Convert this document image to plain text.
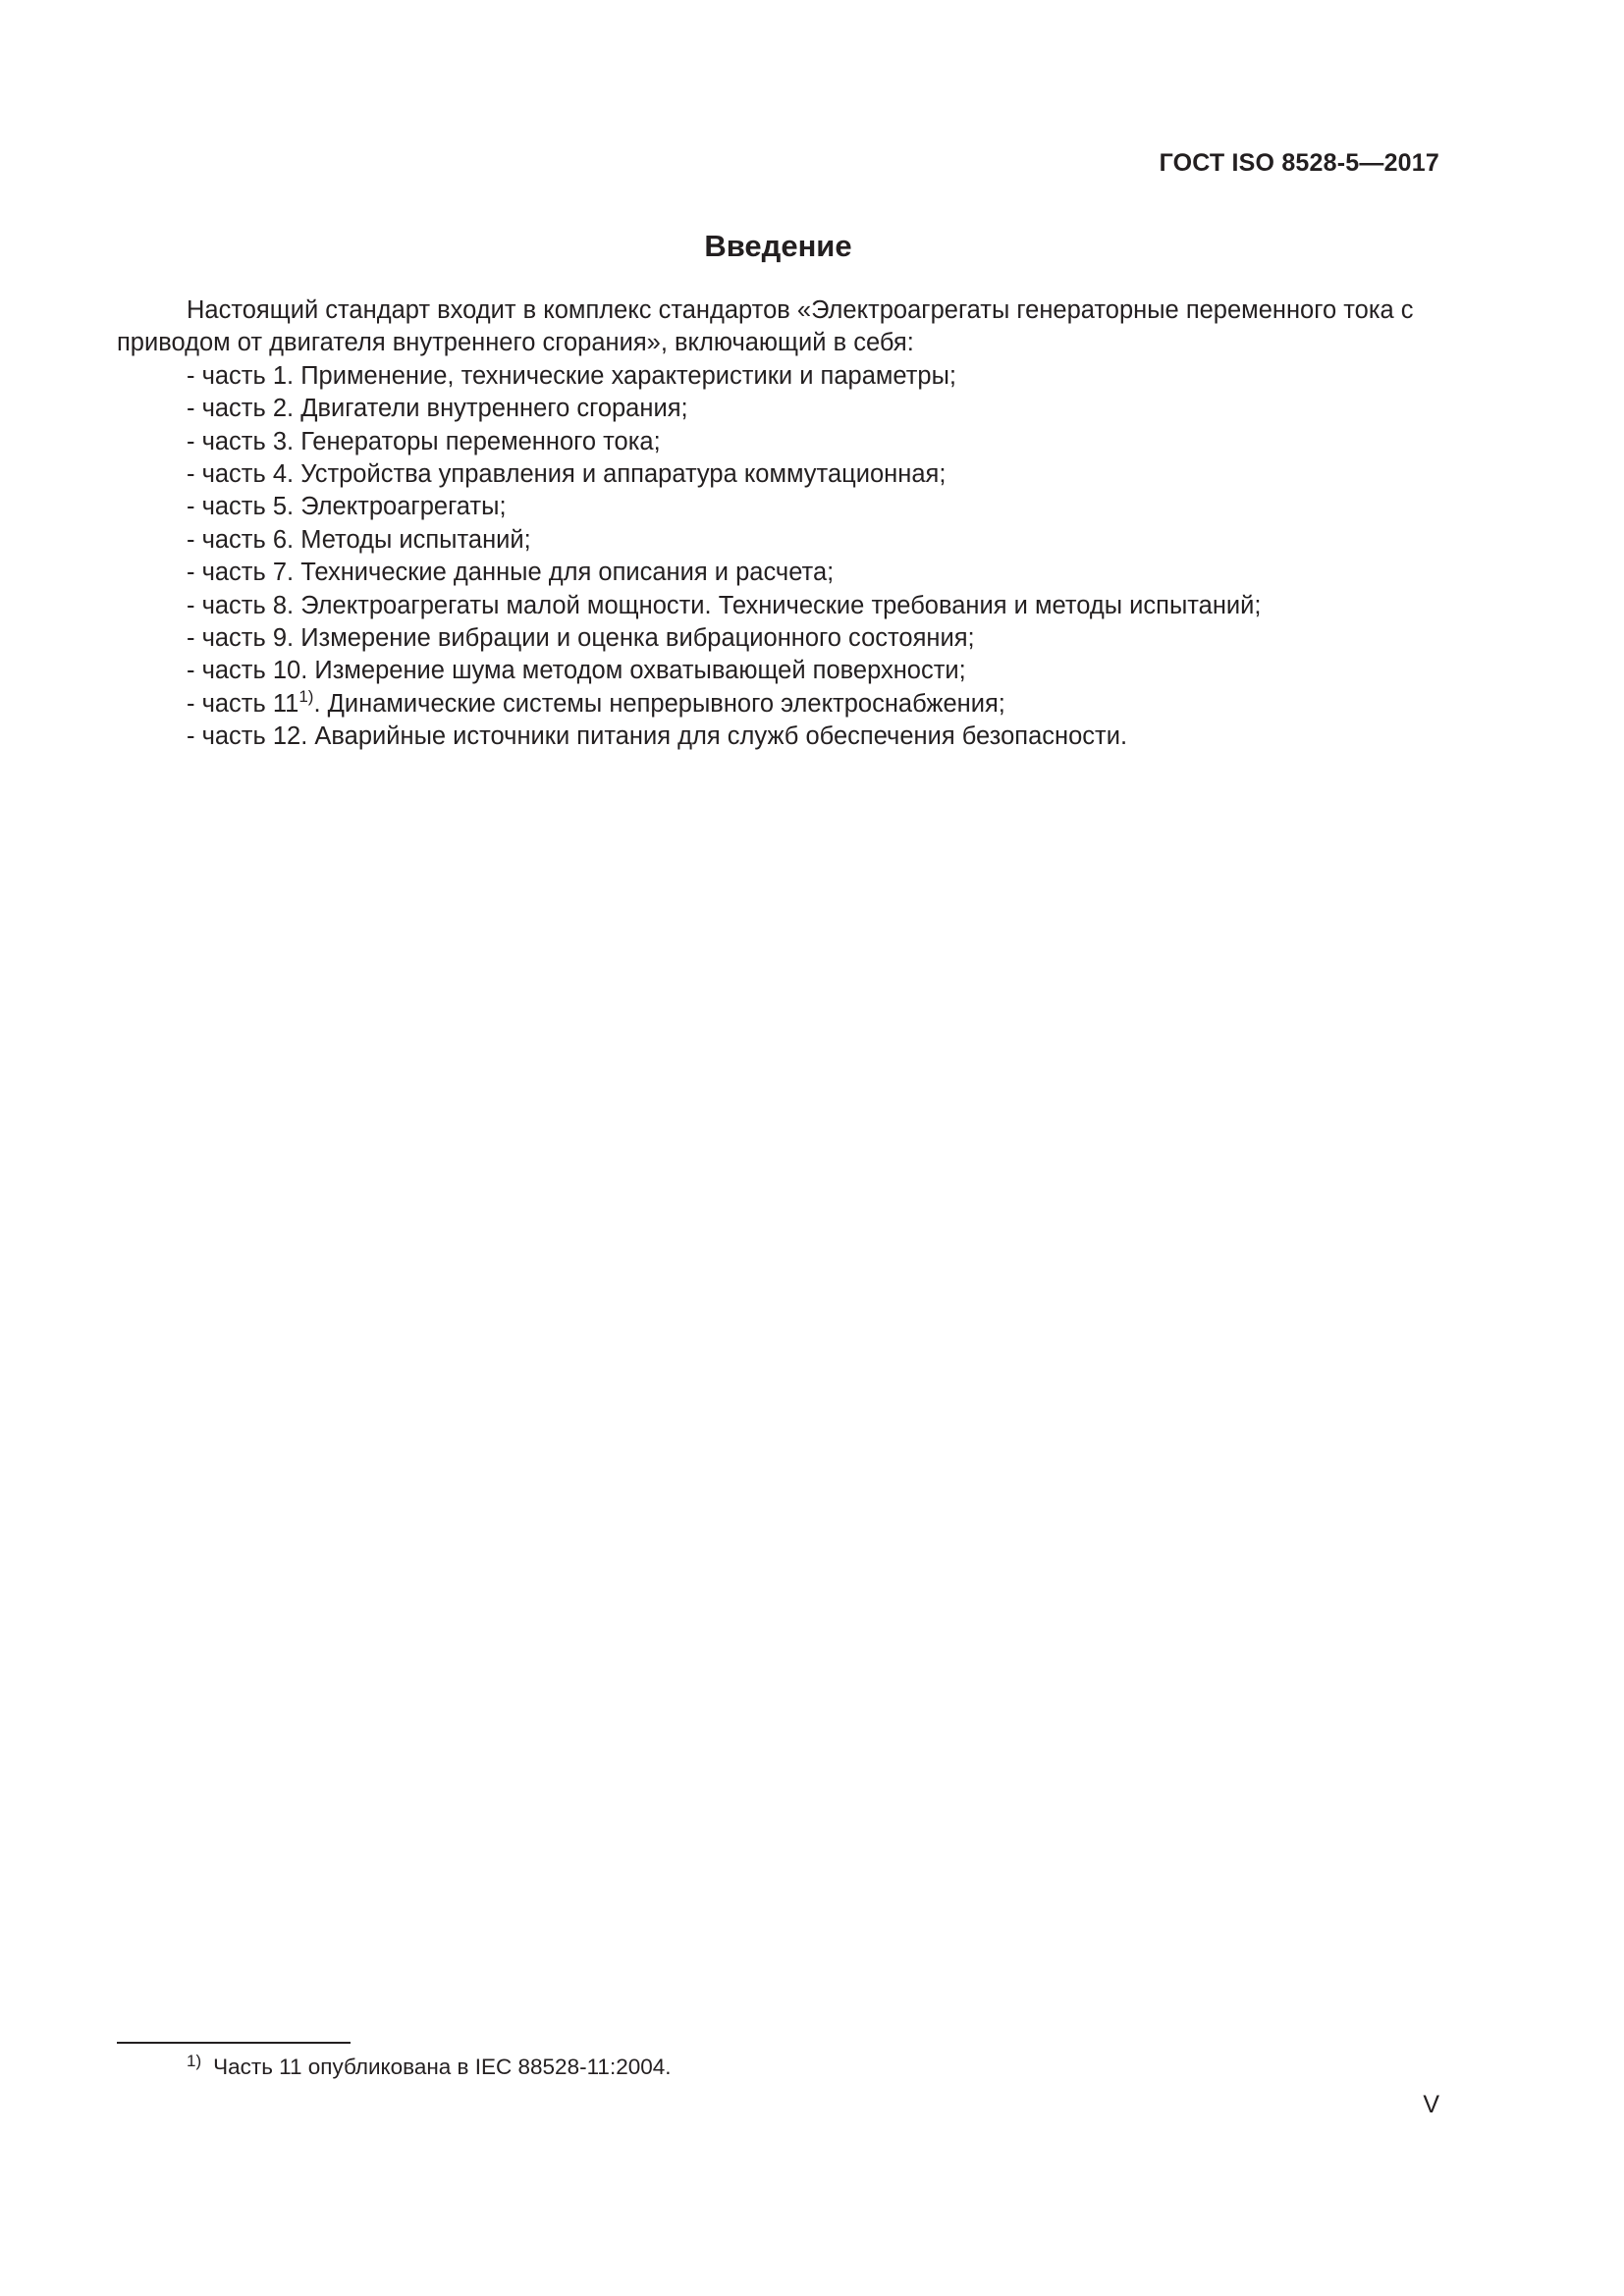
ГОСТ ISO 8528-5—2017
Введение

Настоящий стандарт входит в комплекс стандартов «Электроагрегаты генераторные переменного тока с приводом от двигателя внутреннего сгорания», включающий в себя:

- часть 1. Применение, технические характеристики и параметры;
- часть 2. Двигатели внутреннего сгорания;
- часть 3. Генераторы переменного тока;
- часть 4. Устройства управления и аппаратура коммутационная;
- часть 5. Электроагрегаты;
- часть 6. Методы испытаний;
- часть 7. Технические данные для описания и расчета;
- часть 8. Электроагрегаты малой мощности. Технические требования и методы испытаний;
- часть 9. Измерение вибрации и оценка вибрационного состояния;
- часть 10. Измерение шума методом охватывающей поверхности;
- часть 11$^{1)}$. Динамические системы непрерывного электроснабжения;
- часть 12. Аварийные источники питания для служб обеспечения безопасности.
$^{1)}$ Часть 11 опубликована в IEC 88528-11:2004.
V
